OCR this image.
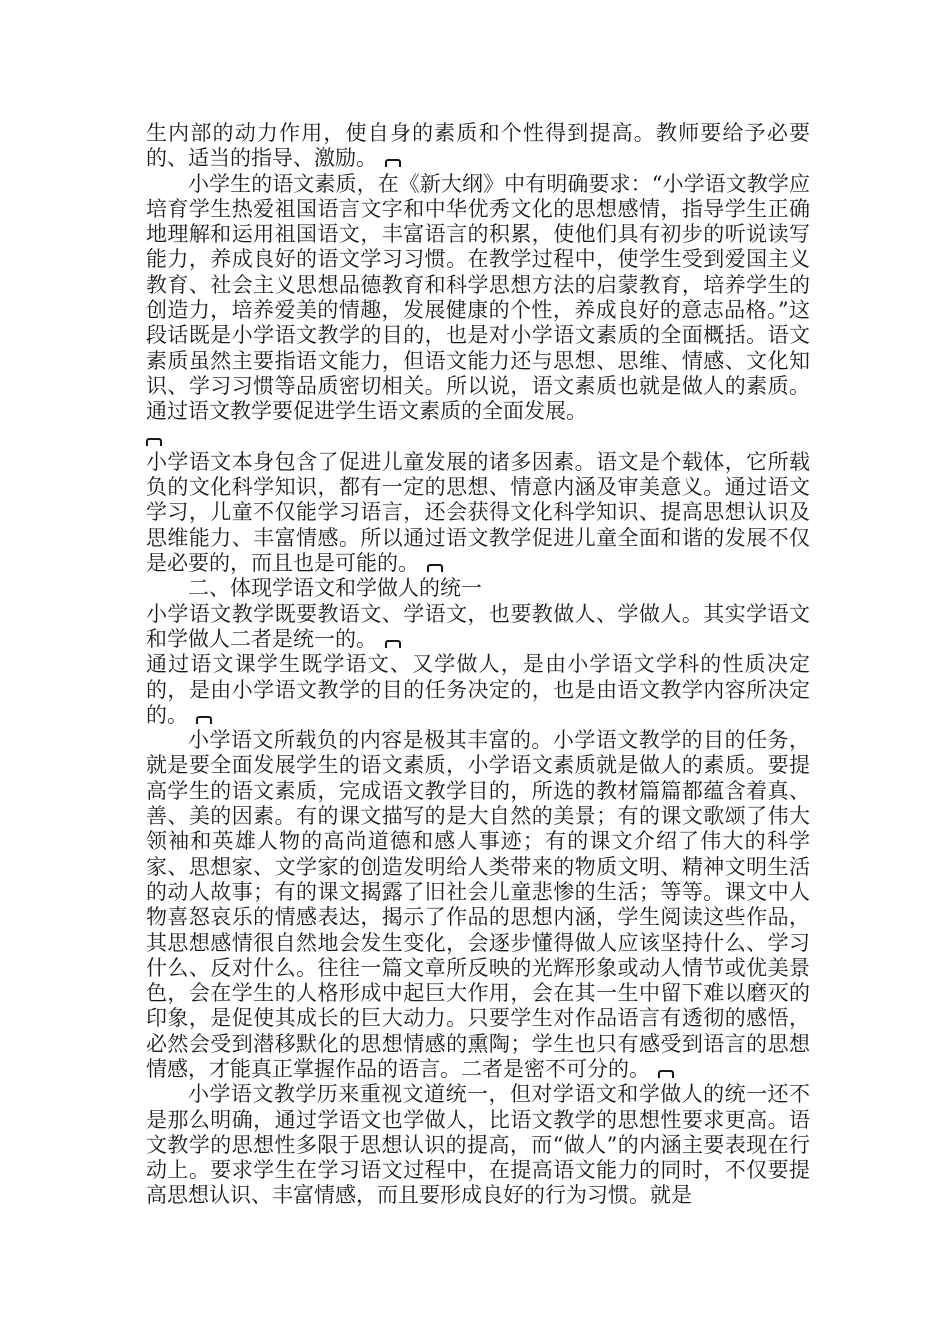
生内部的动力作用，使自身的素质和个性得到提高。教师要给予必要的、适当的指导、激励。

小学生的语文素质，在《新大纲》中有明确要求：“小学语文教学应培育学生热爱祖国语言文字和中华优秀文化的思想感情，指导学生正确地理解和运用祖国语文，丰富语言的积累，使他们具有初步的听说读写能力，养成良好的语文学习习惯。在教学过程中，使学生受到爱国主义教育、社会主义思想品德教育和科学思想方法的启蒙教育，培养学生的创造力，培养爱美的情趣，发展健康的个性，养成良好的意志品格。”这段话既是小学语文教学的目的，也是对小学语文素质的全面概括。语文素质虽然主要指语文能力，但语文能力还与思想、思维、情感、文化知识、学习习惯等品质密切相关。所以说，语文素质也就是做人的素质。通过语文教学要促进学生语文素质的全面发展。

小学语文本身包含了促进儿童发展的诸多因素。语文是个载体，它所载负的文化科学知识，都有一定的思想、情意内涵及审美意义。通过语文学习，儿童不仅能学习语言，还会获得文化科学知识、提高思想认识及思维能力、丰富情感。所以通过语文教学促进儿童全面和谐的发展不仅是必要的，而且也是可能的。

二、体现学语文和学做人的统一

小学语文教学既要教语文、学语文，也要教做人、学做人。其实学语文和学做人二者是统一的。

通过语文课学生既学语文、又学做人，是由小学语文学科的性质决定的，是由小学语文教学的目的任务决定的，也是由语文教学内容所决定的。

小学语文所载负的内容是极其丰富的。小学语文教学的目的任务，就是要全面发展学生的语文素质，小学语文素质就是做人的素质。要提高学生的语文素质，完成语文教学目的，所选的教材篇篇都蕴含着真、善、美的因素。有的课文描写的是大自然的美景；有的课文歌颂了伟大领袖和英雄人物的高尚道德和感人事迹；有的课文介绍了伟大的科学家、思想家、文学家的创造发明给人类带来的物质文明、精神文明生活的动人故事；有的课文揭露了旧社会儿童悲惨的生活；等等。课文中人物喜怒哀乐的情感表达，揭示了作品的思想内涵，学生阅读这些作品，其思想感情很自然地会发生变化，会逐步懂得做人应该坚持什么、学习什么、反对什么。往往一篇文章所反映的光辉形象或动人情节或优美景色，会在学生的人格形成中起巨大作用，会在其一生中留下难以磨灭的印象，是促使其成长的巨大动力。只要学生对作品语言有透彻的感悟，必然会受到潜移默化的思想情感的熏陶；学生也只有感受到语言的思想情感，才能真正掌握作品的语言。二者是密不可分的。

小学语文教学历来重视文道统一，但对学语文和学做人的统一还不是那么明确，通过学语文也学做人，比语文教学的思想性要求更高。语文教学的思想性多限于思想认识的提高，而“做人”的内涵主要表现在行动上。要求学生在学习语文过程中，在提高语文能力的同时，不仅要提高思想认识、丰富情感，而且要形成良好的行为习惯。就是
